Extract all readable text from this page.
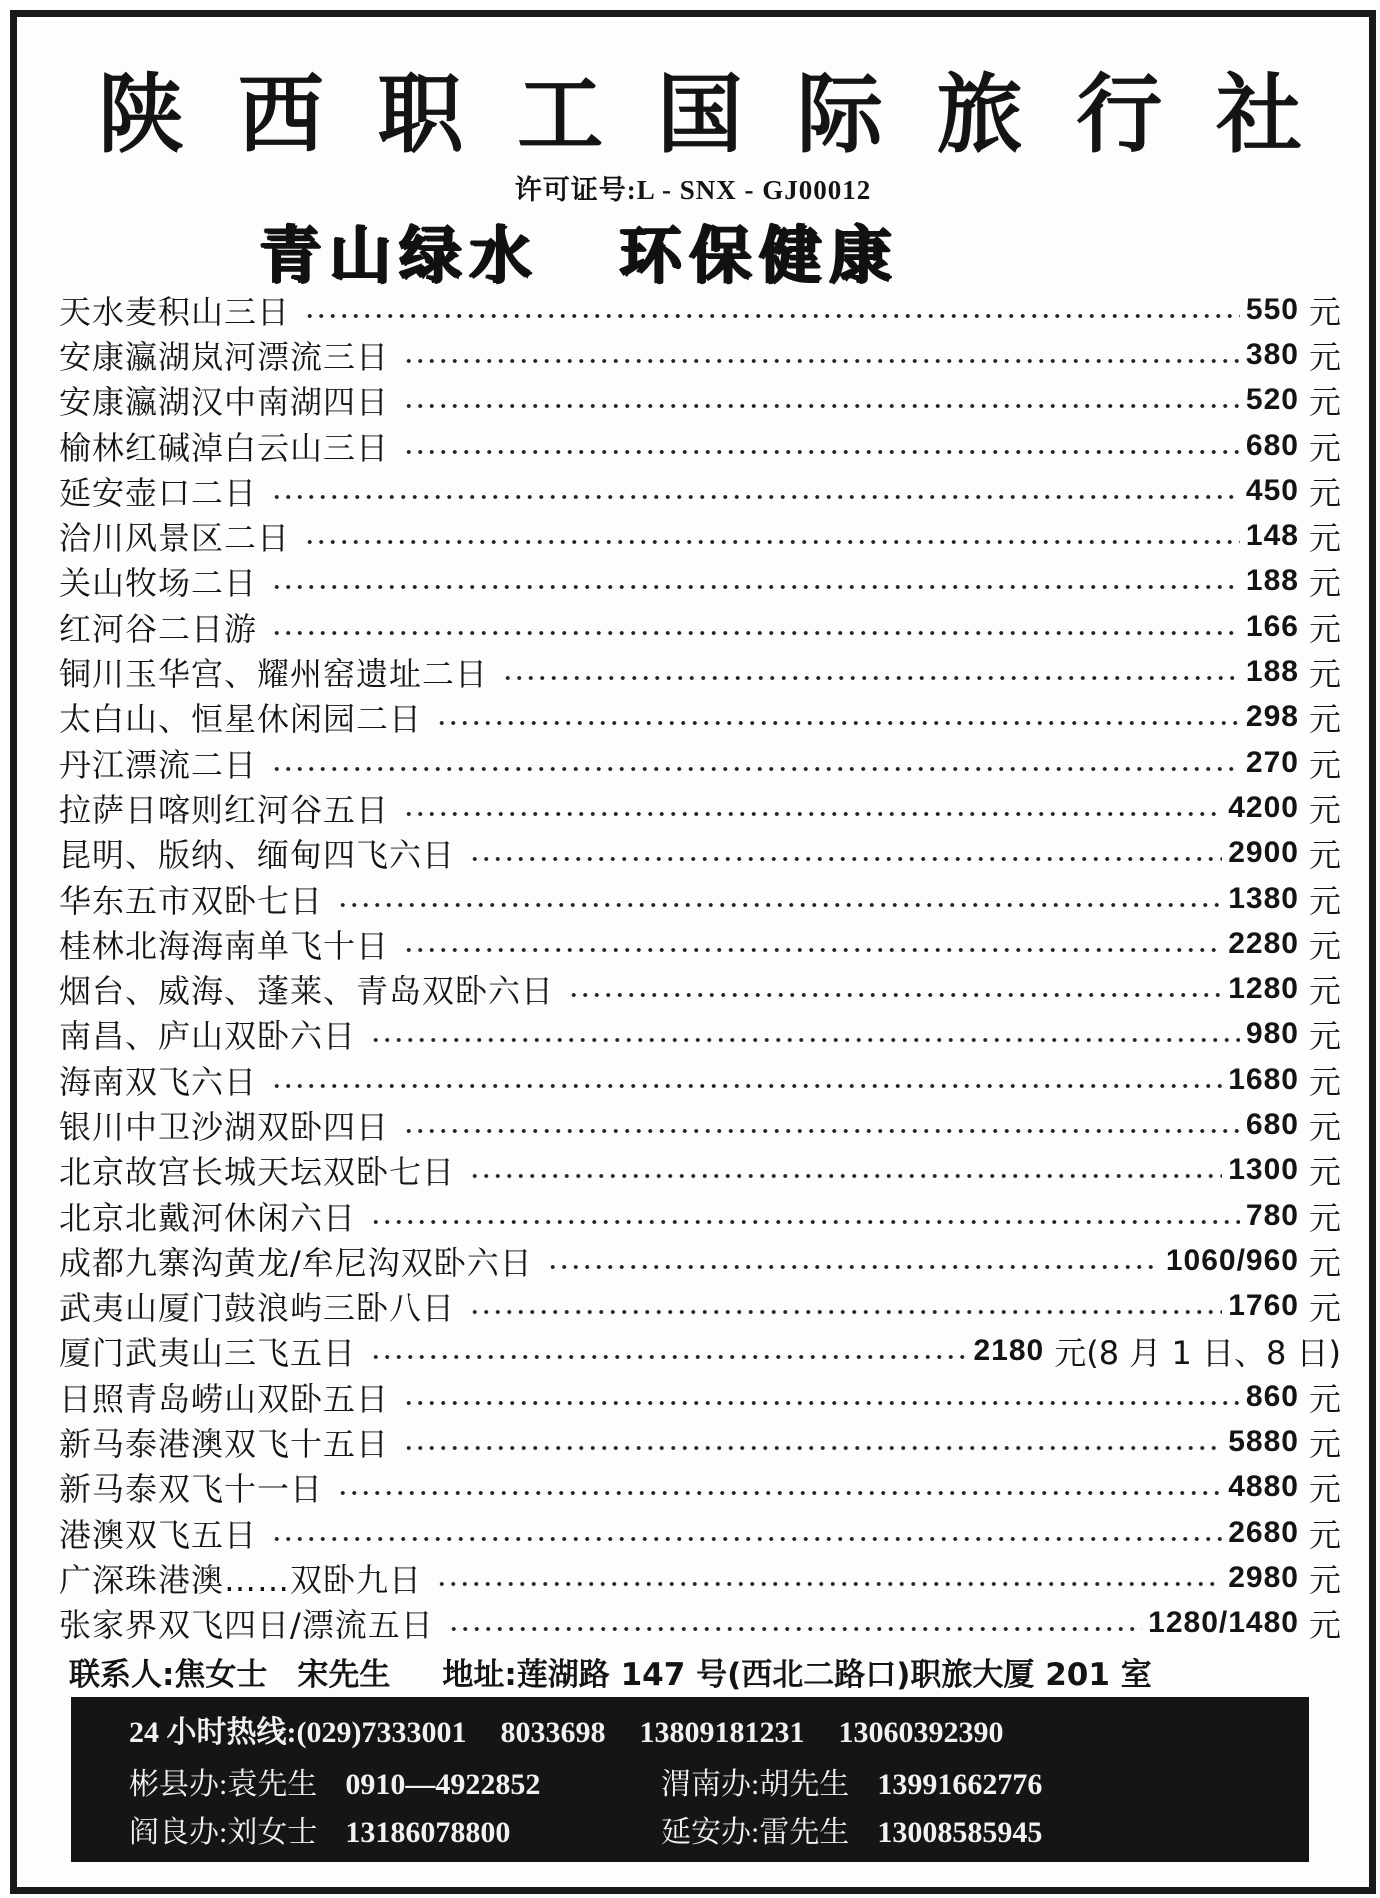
陕 西 职 工 国 际 旅 行 社
许可证号:L - SNX - GJ00012
青山绿水 环保健康
天水麦积山三日	550 元
安康瀛湖岚河漂流三日	380 元
安康瀛湖汉中南湖四日	520 元
榆林红碱淖白云山三日	680 元
延安壶口二日	450 元
洽川风景区二日	148 元
关山牧场二日	188 元
红河谷二日游	166 元
铜川玉华宫、耀州窑遗址二日	188 元
太白山、恒星休闲园二日	298 元
丹江漂流二日	270 元
拉萨日喀则红河谷五日	4200 元
昆明、版纳、缅甸四飞六日	2900 元
华东五市双卧七日	1380 元
桂林北海海南单飞十日	2280 元
烟台、威海、蓬莱、青岛双卧六日	1280 元
南昌、庐山双卧六日	980 元
海南双飞六日	1680 元
银川中卫沙湖双卧四日	680 元
北京故宫长城天坛双卧七日	1300 元
北京北戴河休闲六日	780 元
成都九寨沟黄龙/牟尼沟双卧六日	1060/960 元
武夷山厦门鼓浪屿三卧八日	1760 元
厦门武夷山三飞五日	2180 元(8 月 1 日、8 日)
日照青岛崂山双卧五日	860 元
新马泰港澳双飞十五日	5880 元
新马泰双飞十一日	4880 元
港澳双飞五日	2680 元
广深珠港澳……双卧九日	2980 元
张家界双飞四日/漂流五日	1280/1480 元
联系人:焦女士 宋先生 地址:莲湖路 147 号(西北二路口)职旅大厦 201 室
24 小时热线:(029)7333001 8033698 13809181231 13060392390
彬县办:袁先生 0910—4922852	渭南办:胡先生 13991662776
阎良办:刘女士 13186078800	延安办:雷先生 13008585945
